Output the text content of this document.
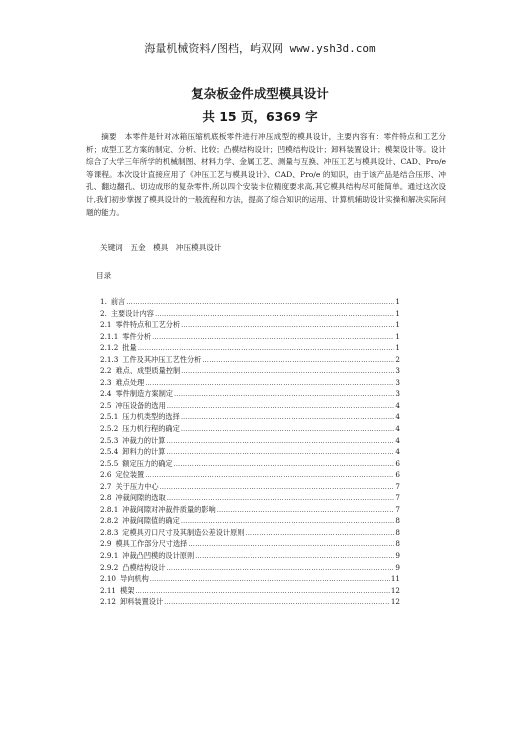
海量机械资料/图档，屿双网 www.ysh3d.com
复杂板金件成型模具设计
共 15 页，6369 字

摘要　本零件是针对冰箱压缩机底板零件进行冲压成型的模具设计，主要内容有：零件特点和工艺分析；成型工艺方案的制定、分析、比较；凸模结构设计；凹模结构设计；卸料装置设计；模架设计等。设计综合了大学三年所学的机械制图、材料力学、金属工艺、测量与互换、冲压工艺与模具设计、CAD、Pro/e 等课程。本次设计直接应用了《冲压工艺与模具设计》、CAD、Pro/e 的知识，由于该产品是结合压形、冲孔、翻边翻孔、切边成形的复杂零件,所以四个安装卡位精度要求高,其它模具结构尽可能简单。通过这次设计,我们初步掌握了模具设计的一般流程和方法，提高了综合知识的运用、计算机辅助设计实操和解决实际问题的能力。

关键词　五金　模具　冲压模具设计
目录
1. 前言 ……………………………………………………………………………………………………………………………………………………………………………………	1
2. 主要设计内容 ……………………………………………………………………………………………………………………………………………………………………………………	1
2.1 零件特点和工艺分析 ……………………………………………………………………………………………………………………………………………………………………………………	1
2.1.1 零件分析 ……………………………………………………………………………………………………………………………………………………………………………………	1
2.1.2 批量 ……………………………………………………………………………………………………………………………………………………………………………………	1
2.1.3 工件及其冲压工艺性分析 ……………………………………………………………………………………………………………………………………………………………………………………	2
2.2 难点、成型质量控制 ……………………………………………………………………………………………………………………………………………………………………………………	3
2.3 难点处理 ……………………………………………………………………………………………………………………………………………………………………………………	3
2.4 零件制造方案制定 ……………………………………………………………………………………………………………………………………………………………………………………	3
2.5 冲压设备的选用 ……………………………………………………………………………………………………………………………………………………………………………………	4
2.5.1 压力机类型的选择 ……………………………………………………………………………………………………………………………………………………………………………………	4
2.5.2 压力机行程的确定 ……………………………………………………………………………………………………………………………………………………………………………………	4
2.5.3 冲裁力的计算 ……………………………………………………………………………………………………………………………………………………………………………………	4
2.5.4 卸料力的计算 ……………………………………………………………………………………………………………………………………………………………………………………	4
2.5.5 额定压力的确定 ……………………………………………………………………………………………………………………………………………………………………………………	6
2.6 定位装置 ……………………………………………………………………………………………………………………………………………………………………………………	6
2.7 关于压力中心 ……………………………………………………………………………………………………………………………………………………………………………………	7
2.8 冲裁间隙的选取 ……………………………………………………………………………………………………………………………………………………………………………………	7
2.8.1 冲裁间隙对冲裁件质量的影响 ……………………………………………………………………………………………………………………………………………………………………………………	7
2.8.2 冲裁间隙值的确定 ……………………………………………………………………………………………………………………………………………………………………………………	8
2.8.3 定模具刃口尺寸及其制造公差设计原则 ……………………………………………………………………………………………………………………………………………………………………………………	8
2.9 模具工作部分尺寸选择 ……………………………………………………………………………………………………………………………………………………………………………………	8
2.9.1 冲裁凸凹模的设计原则 ……………………………………………………………………………………………………………………………………………………………………………………	9
2.9.2 凸模结构设计 ……………………………………………………………………………………………………………………………………………………………………………………	9
2.10 导向机构 ……………………………………………………………………………………………………………………………………………………………………………………	11
2.11 模架 ……………………………………………………………………………………………………………………………………………………………………………………	12
2.12 卸料装置设计 ……………………………………………………………………………………………………………………………………………………………………………………	12
